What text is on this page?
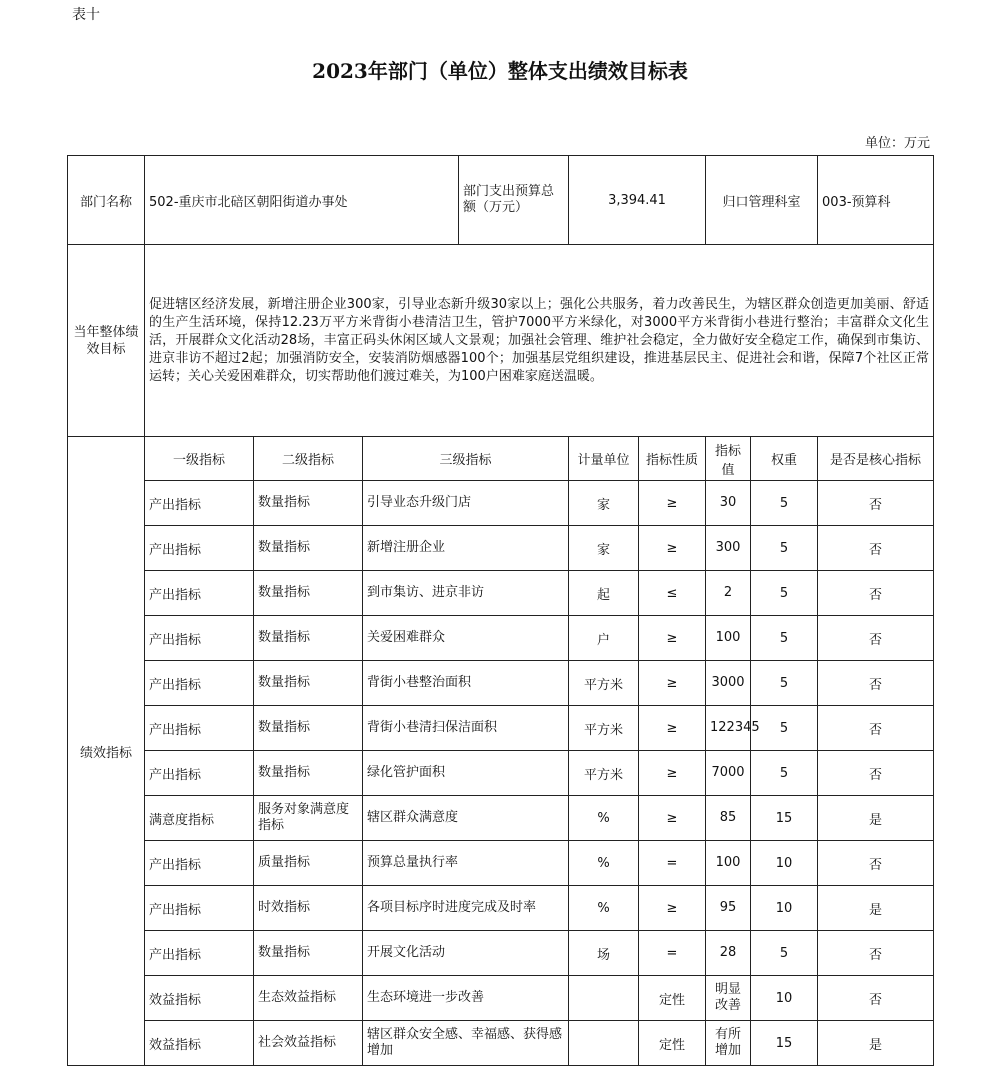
表十
2023年部门（单位）整体支出绩效目标表
单位：万元
部门名称	502-重庆市北碚区朝阳街道办事处			部门支出预算总额（万元）	3,394.41		归口管理科室		003-预算科
当年整体绩效目标	促进辖区经济发展，新增注册企业300家，引导业态新升级30家以上；强化公共服务，着力改善民生，为辖区群众创造更加美丽、舒适的生产生活环境，保持12.23万平方米背街小巷清洁卫生，管护7000平方米绿化，对3000平方米背街小巷进行整治；丰富群众文化生活，开展群众文化活动28场，丰富正码头休闲区域人文景观；加强社会管理、维护社会稳定，全力做好安全稳定工作，确保到市集访、进京非访不超过2起；加强消防安全，安装消防烟感器100个；加强基层党组织建设，推进基层民主、促进社会和谐，保障7个社区正常运转；关心关爱困难群众，切实帮助他们渡过难关，为100户困难家庭送温暖。								
绩效指标	一级指标	二级指标	三级指标		计量单位	指标性质	指标值	权重	是否是核心指标
	产出指标	数量指标	引导业态升级门店		家	≥	30	5	否
	产出指标	数量指标	新增注册企业		家	≥	300	5	否
	产出指标	数量指标	到市集访、进京非访		起	≤	2	5	否
	产出指标	数量指标	关爱困难群众		户	≥	100	5	否
	产出指标	数量指标	背街小巷整治面积		平方米	≥	3000	5	否
	产出指标	数量指标	背街小巷清扫保洁面积		平方米	≥	122345	5	否
	产出指标	数量指标	绿化管护面积		平方米	≥	7000	5	否
	满意度指标	服务对象满意度指标	辖区群众满意度		%	≥	85	15	是
	产出指标	质量指标	预算总量执行率		%	=	100	10	否
	产出指标	时效指标	各项目标序时进度完成及时率		%	≥	95	10	是
	产出指标	数量指标	开展文化活动		场	=	28	5	否
	效益指标	生态效益指标	生态环境进一步改善			定性	明显改善	10	否
	效益指标	社会效益指标	辖区群众安全感、幸福感、获得感增加			定性	有所增加	15	是
